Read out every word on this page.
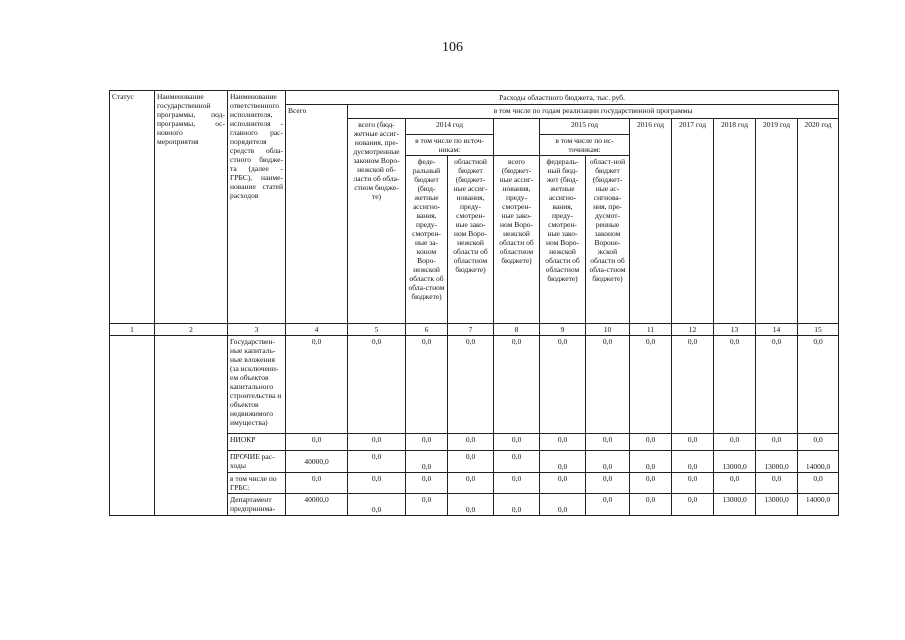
106
Статус	Наименование государственной программы, под-программы, ос-новного мероприятия	Наименование ответственного исполнителя, исполнителя - главного рас-порядителя средств обла-стного бюдже-та (далее - ГРБС), наиме-нование статей расходов	Расходы областного бюджета, тыс. руб.											
			Всего	в том числе по годам реализации государственной программы										
				всего (бюд-жетные ассиг-нования, пре-дусмотренные законом Воро-нежской об-ласти об обла-стном бюдже-те)	2014 год			2015 год		2016 год	2017 год	2018 год	2019 год	2020 год
					в том числе по источ-никам:			в том числе по ис-точникам:						
					феде-ральный бюджет (бюд-жетные ассигно-вания, преду-смотрен-ные за-коном Воро-нежской областк об обла-стном бюджете)	областной бюджет (бюджет-ные ассиг-нования, преду-смотрен-ные зако-ном Воро-нежской области об областном бюджете)	всего (бюджет-ные ассиг-нования, преду-смотрен-ные зако-ном Воро-нежской области об областном бюджете)	федераль-ный бюд-жет (бюд-жетные ассигно-вания, преду-смотрен-ные зако-ном Воро-нежской области об областном бюджете)	област-ной бюджет (бюджет-ные ас-сигнова-ния, пре-дусмот-ренные законом Вороне-жской области об обла-стном бюджете)					
1	2	3	4	5	6	7	8	9	10	11	12	13	14	15
		Государствен-ные капиталь-ные вложения (за исключени-ем объектов капитального строительства и объектов недвижимого имущества)	0,0	0,0	0,0	0,0	0,0	0,0	0,0	0,0	0,0	0,0	0,0	0,0
		НИОКР	0,0	0,0	0,0	0,0	0,0	0,0	0,0	0,0	0,0	0,0	0,0	0,0
		ПРОЧИЕ рас-ходы	40000,0	0,0	0,0	0,0	0,0	0,0	0,0	0,0	0,0	13000,0	13000,0	14000,0
		в том числе по ГРБС:	0,0	0,0	0,0	0,0	0,0	0,0	0,0	0,0	0,0	0,0	0,0	0,0
		Департамент предпринима-	40000,0	0,0	0,0	0,0	0,0	0,0	0,0	0,0	0,0	13000,0	13000,0	14000,0
